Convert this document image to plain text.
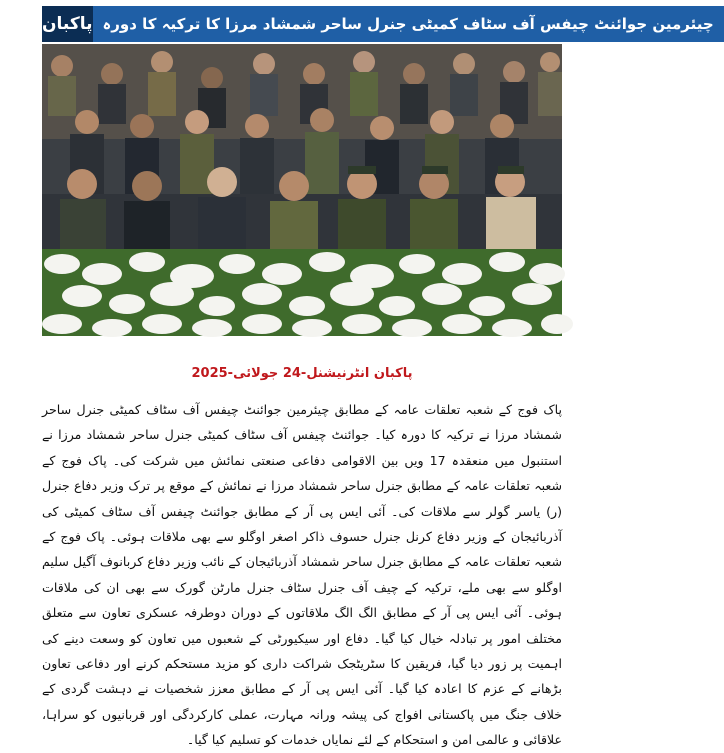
پاکبان چیئرمین جوائنٹ چیفس آف سٹاف کمیٹی جنرل ساحر شمشاد مرزا کا ترکیہ کا دورہ
پاکبان انٹرنیشنل-24 جولائی-2025
پاک فوج کے شعبہ تعلقات عامہ کے مطابق چیئرمین جوائنٹ چیفس آف سٹاف کمیٹی جنرل ساحر شمشاد مرزا نے ترکیہ کا دورہ کیا۔ جوائنٹ چیفس آف سٹاف کمیٹی جنرل ساحر شمشاد مرزا نے استنبول میں منعقدہ 17 ویں بین الاقوامی دفاعی صنعتی نمائش میں شرکت کی۔ پاک فوج کے شعبہ تعلقات عامہ کے مطابق جنرل ساحر شمشاد مرزا نے نمائش کے موقع پر ترک وزیر دفاع جنرل (ر) یاسر گولر سے ملاقات کی۔ آئی ایس پی آر کے مطابق جوائنٹ چیفس آف سٹاف کمیٹی کی آذربائیجان کے وزیر دفاع کرنل جنرل حسوف ذاکر اصغر اوگلو سے بھی ملاقات ہوئی۔ پاک فوج کے شعبہ تعلقات عامہ کے مطابق جنرل ساحر شمشاد آذربائیجان کے نائب وزیر دفاع کربانوف آگیل سلیم اوگلو سے بھی ملے، ترکیہ کے چیف آف جنرل سٹاف جنرل مارٹن گورک سے بھی ان کی ملاقات ہوئی۔ آئی ایس پی آر کے مطابق الگ الگ ملاقاتوں کے دوران دوطرفہ عسکری تعاون سے متعلق مختلف امور پر تبادلہ خیال کیا گیا۔ دفاع اور سیکیورٹی کے شعبوں میں تعاون کو وسعت دینے کی اہمیت پر زور دیا گیا، فریقین کا سٹریٹجک شراکت داری کو مزید مستحکم کرنے اور دفاعی تعاون بڑھانے کے عزم کا اعادہ کیا گیا۔ آئی ایس پی آر کے مطابق معزز شخصیات نے دہشت گردی کے خلاف جنگ میں پاکستانی افواج کی پیشہ ورانہ مہارت، عملی کارکردگی اور قربانیوں کو سراہا، علاقائی و عالمی امن و استحکام کے لئے نمایاں خدمات کو تسلیم کیا گیا۔
